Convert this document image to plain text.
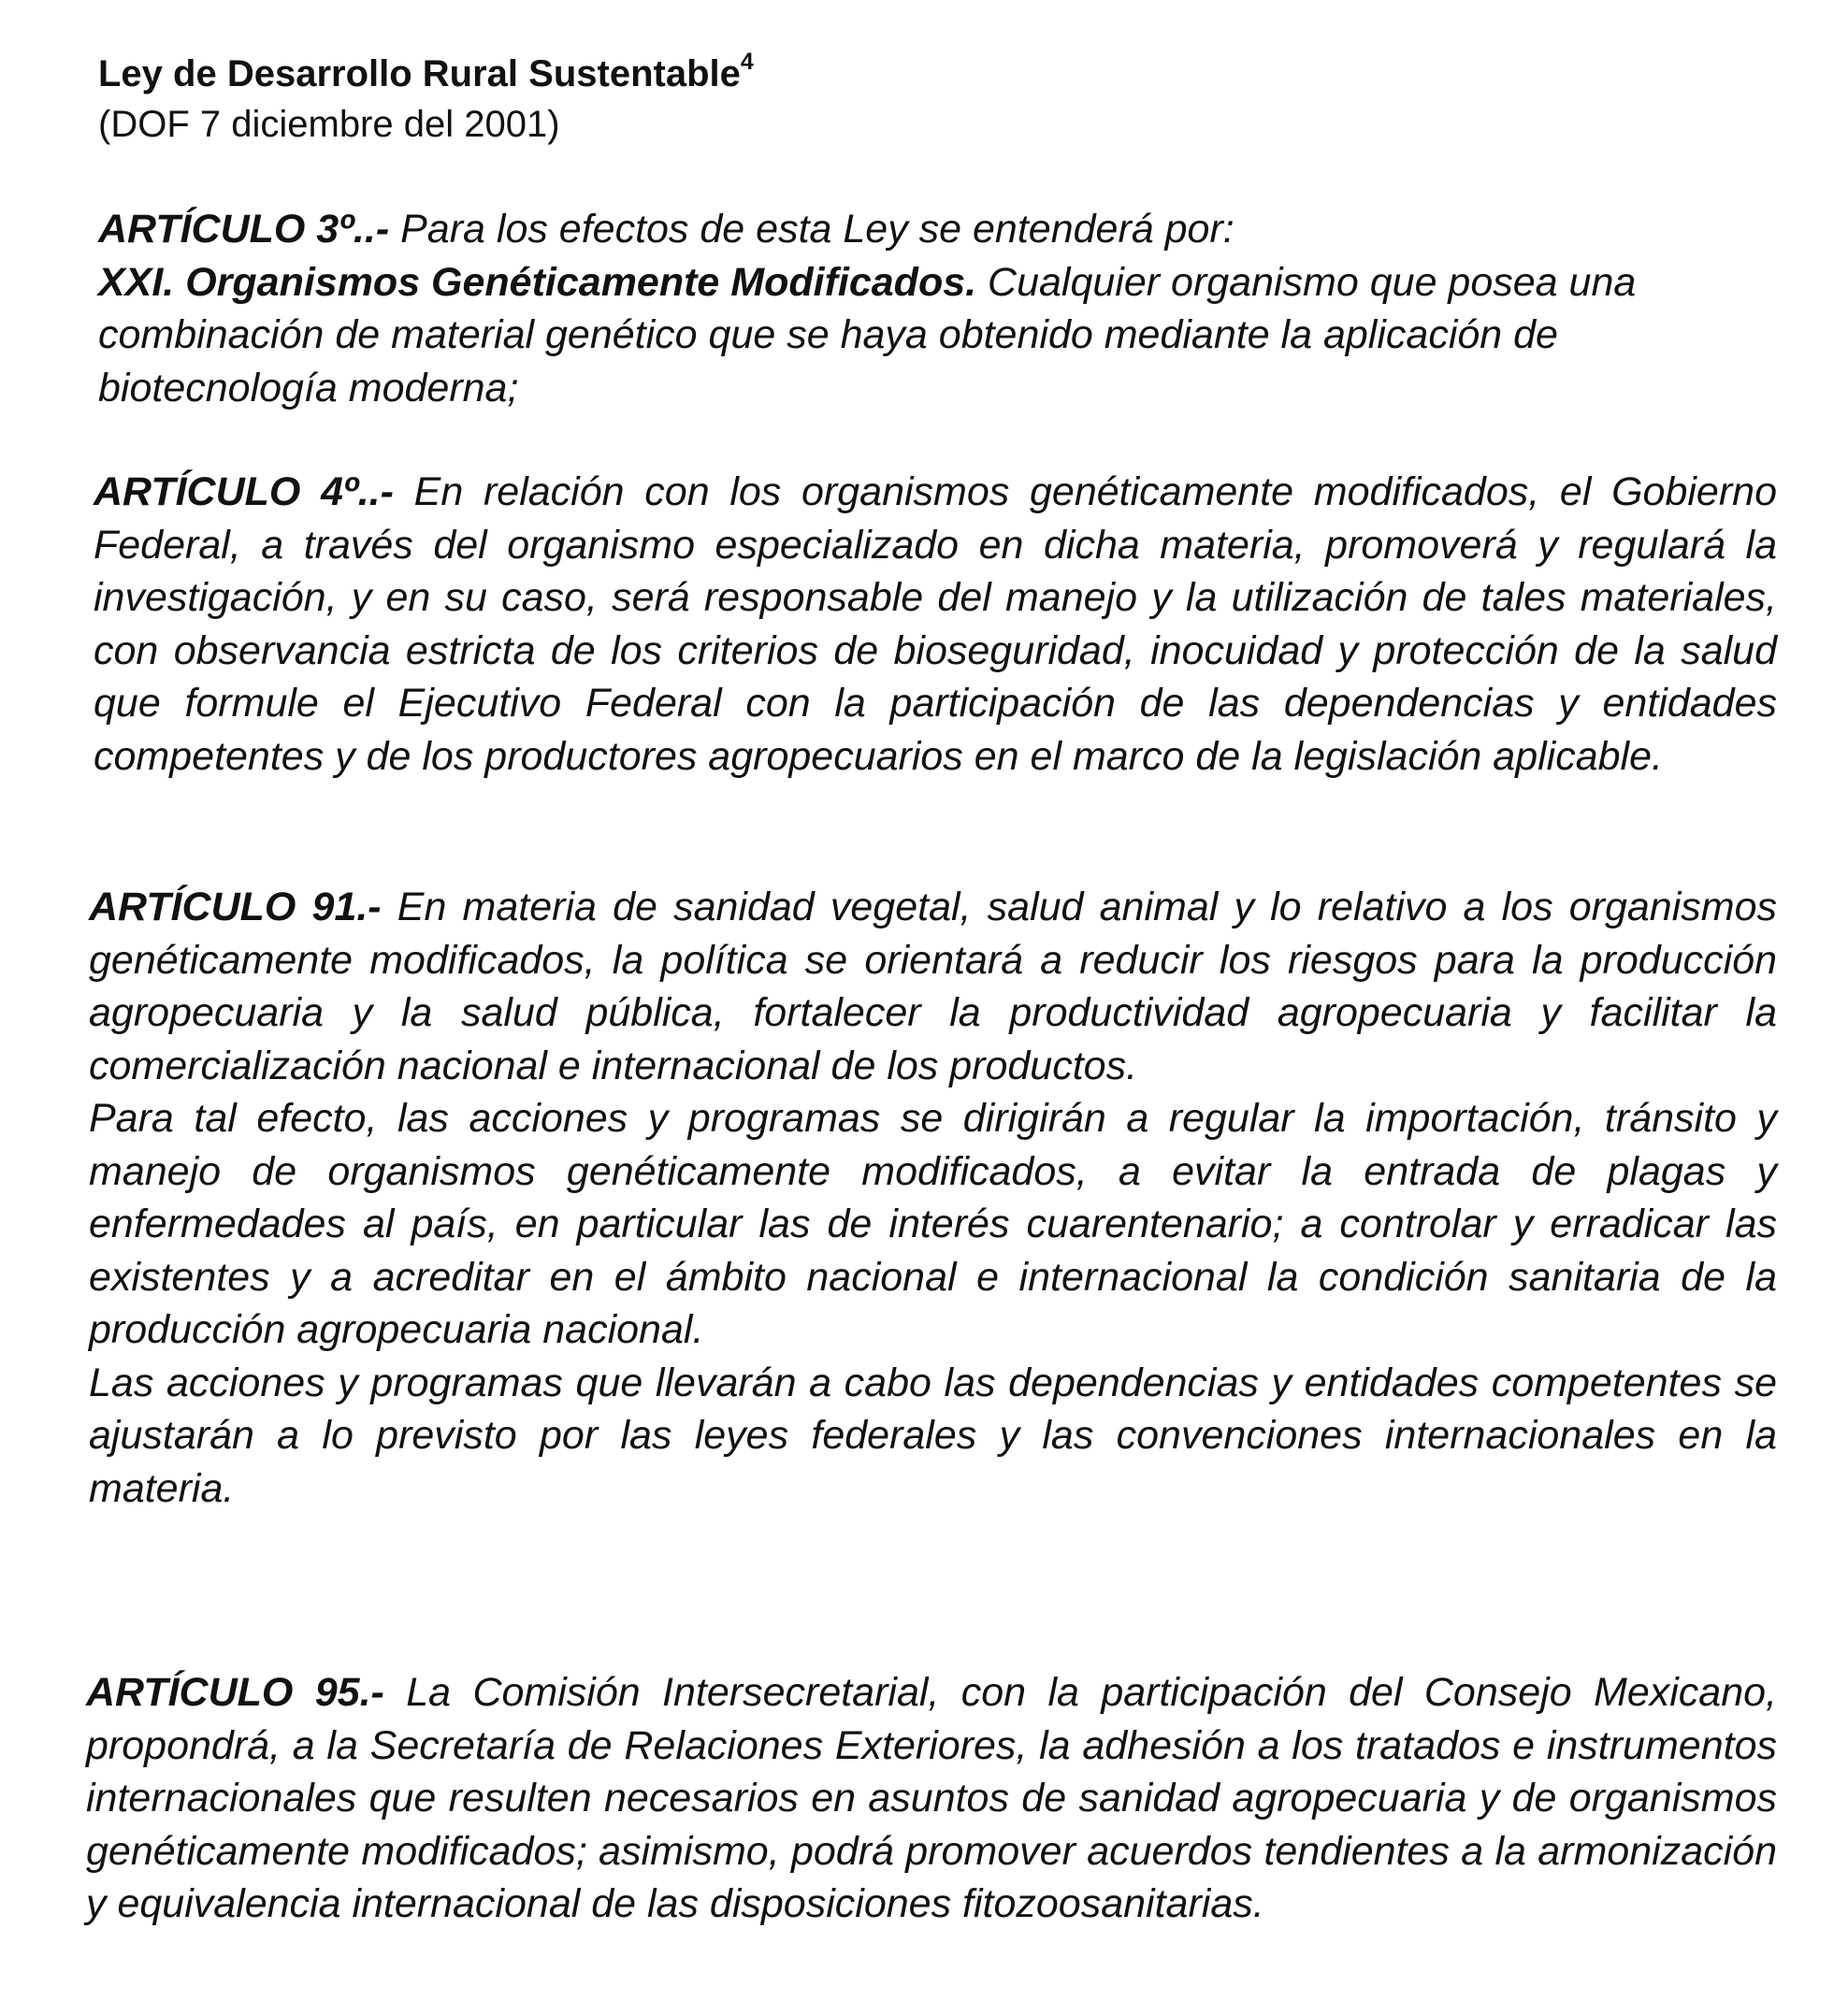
Ley de Desarrollo Rural Sustentable$^4$

(DOF 7 diciembre del 2001)

ARTÍCULO 3º..- Para los efectos de esta Ley se entenderá por:

XXI. Organismos Genéticamente Modificados. Cualquier organismo que posea una combinación de material genético que se haya obtenido mediante la aplicación de biotecnología moderna;

ARTÍCULO 4º..- En relación con los organismos genéticamente modificados, el Gobierno Federal, a través del organismo especializado en dicha materia, promoverá y regulará la investigación, y en su caso, será responsable del manejo y la utilización de tales materiales, con observancia estricta de los criterios de bioseguridad, inocuidad y protección de la salud que formule el Ejecutivo Federal con la participación de las dependencias y entidades competentes y de los productores agropecuarios en el marco de la legislación aplicable.

ARTÍCULO 91.- En materia de sanidad vegetal, salud animal y lo relativo a los organismos genéticamente modificados, la política se orientará a reducir los riesgos para la producción agropecuaria y la salud pública, fortalecer la productividad agropecuaria y facilitar la comercialización nacional e internacional de los productos.

Para tal efecto, las acciones y programas se dirigirán a regular la importación, tránsito y manejo de organismos genéticamente modificados, a evitar la entrada de plagas y enfermedades al país, en particular las de interés cuarentenario; a controlar y erradicar las existentes y a acreditar en el ámbito nacional e internacional la condición sanitaria de la producción agropecuaria nacional.

Las acciones y programas que llevarán a cabo las dependencias y entidades competentes se ajustarán a lo previsto por las leyes federales y las convenciones internacionales en la materia.

ARTÍCULO 95.- La Comisión Intersecretarial, con la participación del Consejo Mexicano, propondrá, a la Secretaría de Relaciones Exteriores, la adhesión a los tratados e instrumentos internacionales que resulten necesarios en asuntos de sanidad agropecuaria y de organismos genéticamente modificados; asimismo, podrá promover acuerdos tendientes a la armonización y equivalencia internacional de las disposiciones fitozoosanitarias.
